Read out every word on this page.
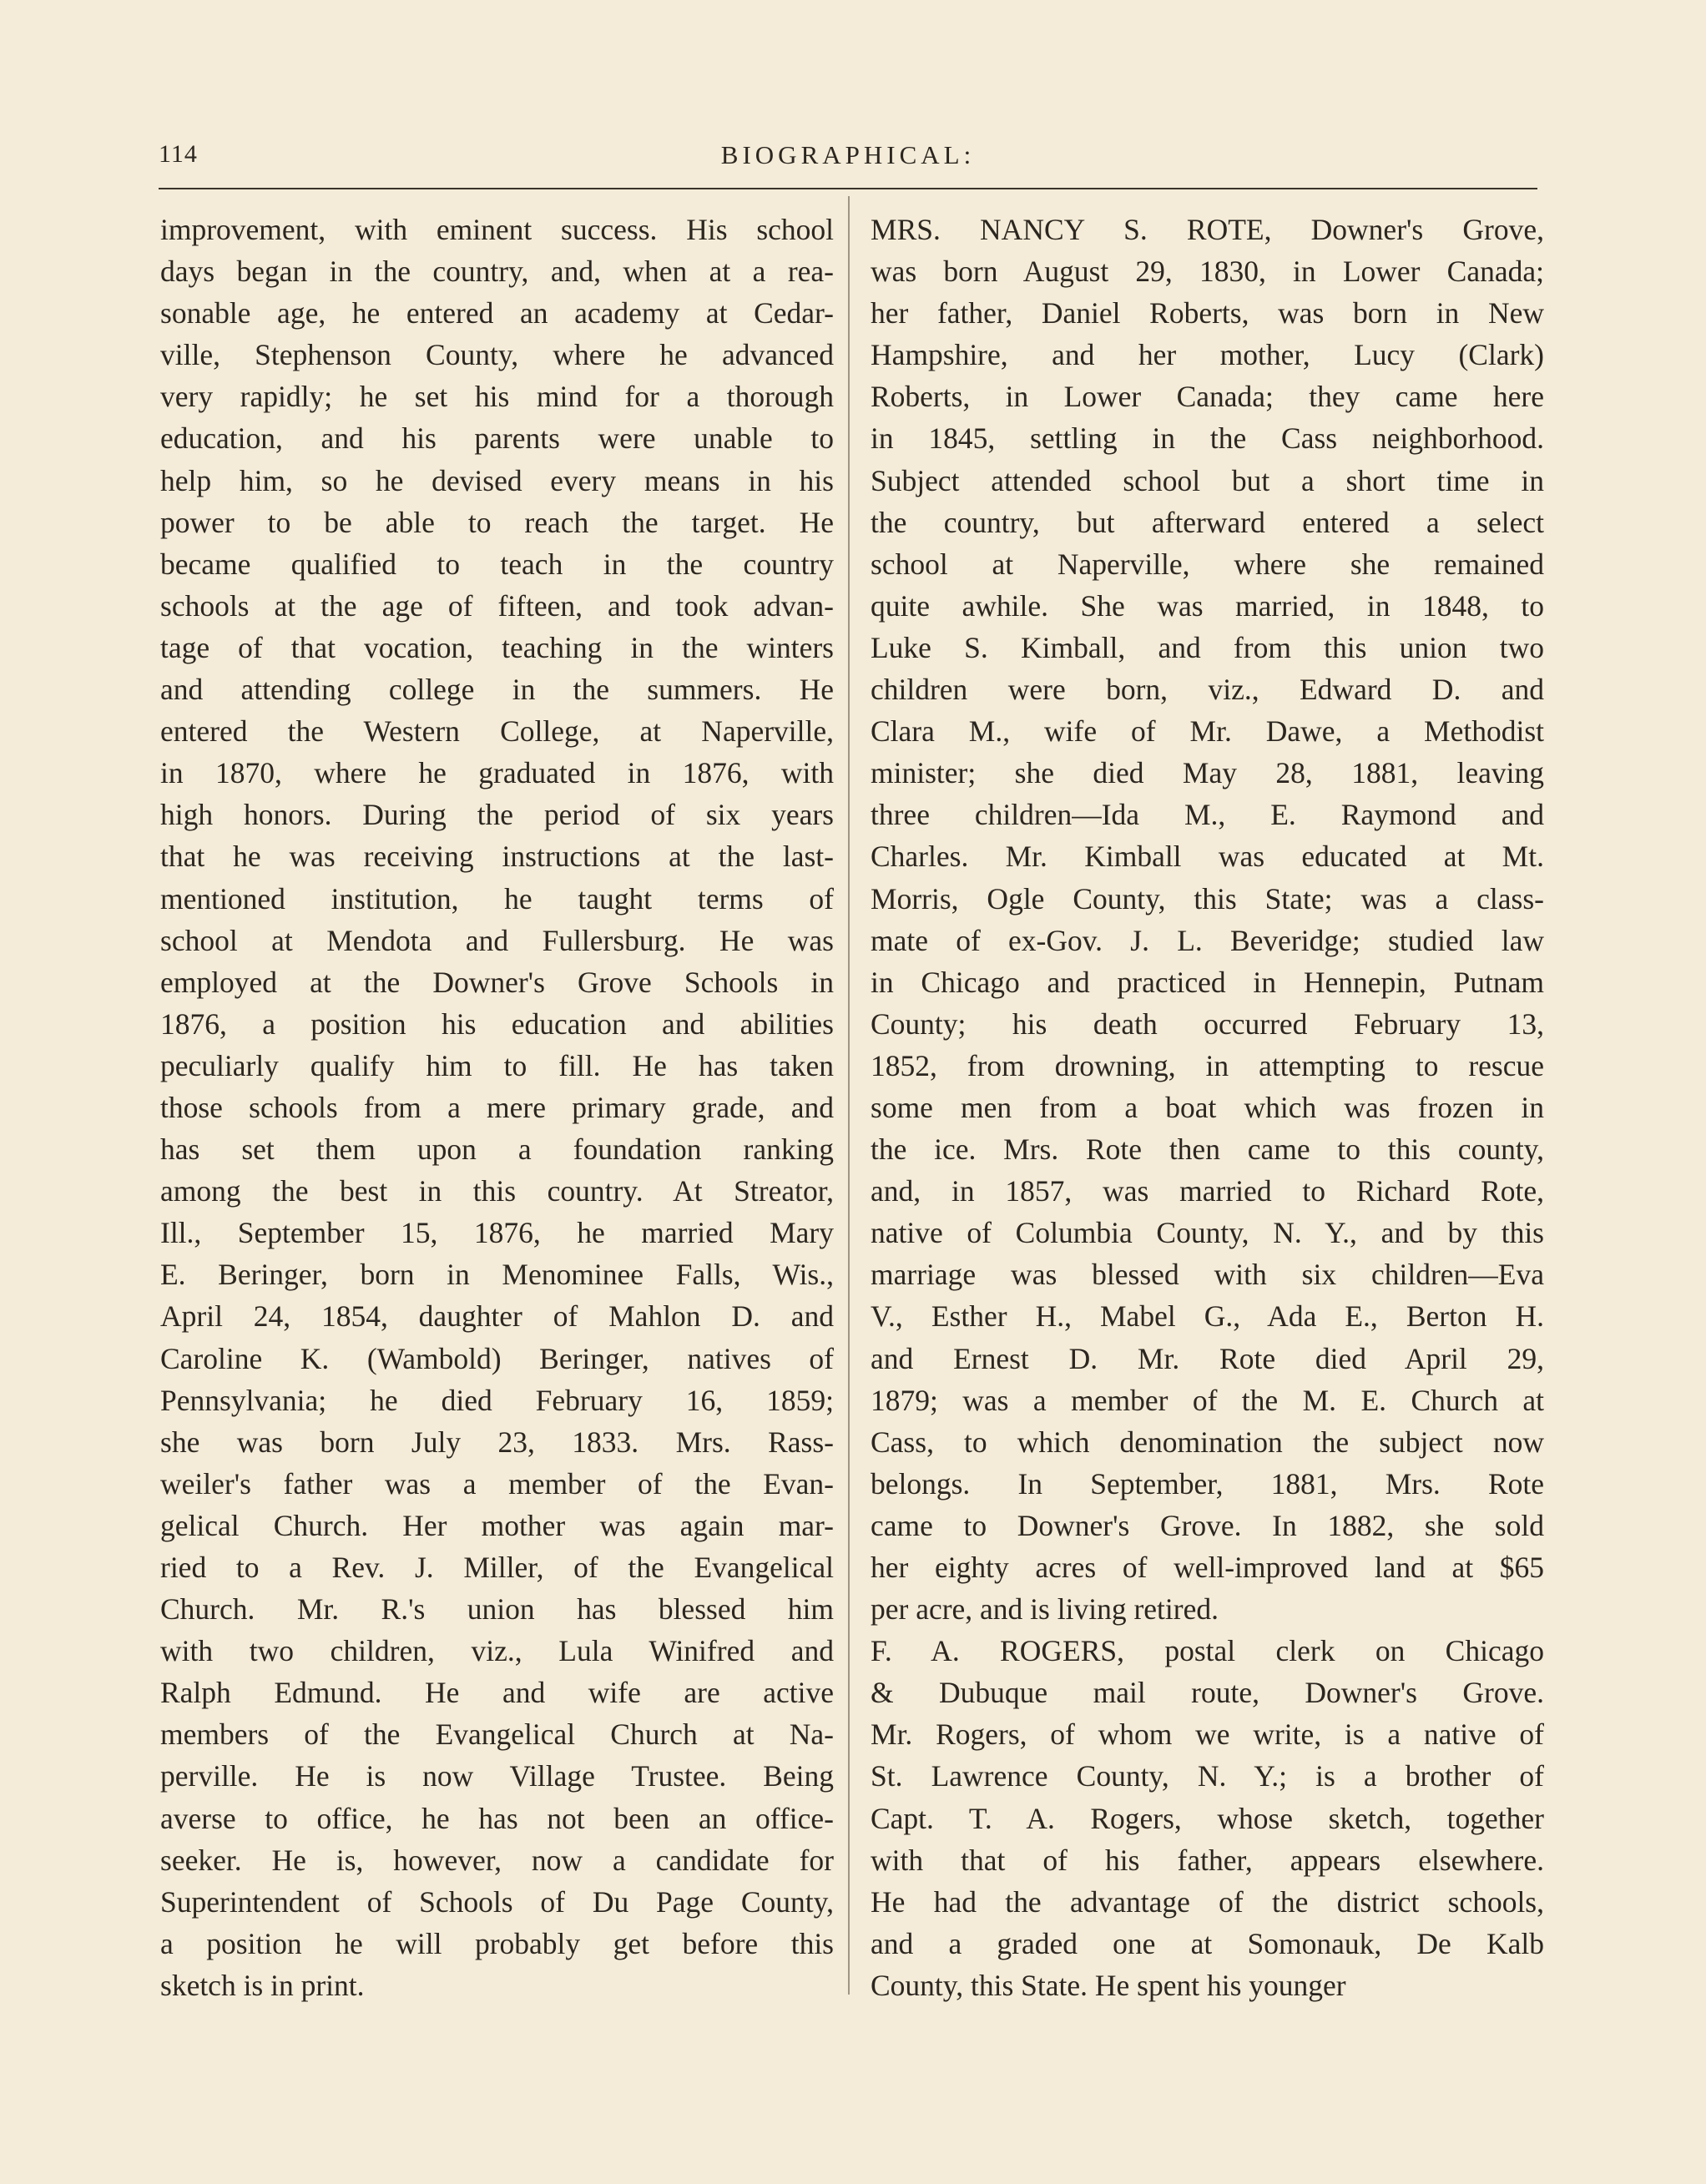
114	BIOGRAPHICAL:
improvement, with eminent success. His school
days began in the country, and, when at a rea-
sonable age, he entered an academy at Cedar-
ville, Stephenson County, where he advanced
very rapidly; he set his mind for a thorough
education, and his parents were unable to
help him, so he devised every means in his
power to be able to reach the target. He
became qualified to teach in the country
schools at the age of fifteen, and took advan-
tage of that vocation, teaching in the winters
and attending college in the summers. He
entered the Western College, at Naperville,
in 1870, where he graduated in 1876, with
high honors. During the period of six years
that he was receiving instructions at the last-
mentioned institution, he taught terms of
school at Mendota and Fullersburg. He was
employed at the Downer's Grove Schools in
1876, a position his education and abilities
peculiarly qualify him to fill. He has taken
those schools from a mere primary grade, and
has set them upon a foundation ranking
among the best in this country. At Streator,
Ill., September 15, 1876, he married Mary
E. Beringer, born in Menominee Falls, Wis.,
April 24, 1854, daughter of Mahlon D. and
Caroline K. (Wambold) Beringer, natives of
Pennsylvania; he died February 16, 1859;
she was born July 23, 1833. Mrs. Rass-
weiler's father was a member of the Evan-
gelical Church. Her mother was again mar-
ried to a Rev. J. Miller, of the Evangelical
Church. Mr. R.'s union has blessed him
with two children, viz., Lula Winifred and
Ralph Edmund. He and wife are active
members of the Evangelical Church at Na-
perville. He is now Village Trustee. Being
averse to office, he has not been an office-
seeker. He is, however, now a candidate for
Superintendent of Schools of Du Page County,
a position he will probably get before this
sketch is in print.
MRS. NANCY S. ROTE, Downer's Grove,
was born August 29, 1830, in Lower Canada;
her father, Daniel Roberts, was born in New
Hampshire, and her mother, Lucy (Clark)
Roberts, in Lower Canada; they came here
in 1845, settling in the Cass neighborhood.
Subject attended school but a short time in
the country, but afterward entered a select
school at Naperville, where she remained
quite awhile. She was married, in 1848, to
Luke S. Kimball, and from this union two
children were born, viz., Edward D. and
Clara M., wife of Mr. Dawe, a Methodist
minister; she died May 28, 1881, leaving
three children—Ida M., E. Raymond and
Charles. Mr. Kimball was educated at Mt.
Morris, Ogle County, this State; was a class-
mate of ex-Gov. J. L. Beveridge; studied law
in Chicago and practiced in Hennepin, Putnam
County; his death occurred February 13,
1852, from drowning, in attempting to rescue
some men from a boat which was frozen in
the ice. Mrs. Rote then came to this county,
and, in 1857, was married to Richard Rote,
native of Columbia County, N. Y., and by this
marriage was blessed with six children—Eva
V., Esther H., Mabel G., Ada E., Berton H.
and Ernest D. Mr. Rote died April 29,
1879; was a member of the M. E. Church at
Cass, to which denomination the subject now
belongs. In September, 1881, Mrs. Rote
came to Downer's Grove. In 1882, she sold
her eighty acres of well-improved land at $65
per acre, and is living retired.
F. A. ROGERS, postal clerk on Chicago
& Dubuque mail route, Downer's Grove.
Mr. Rogers, of whom we write, is a native of
St. Lawrence County, N. Y.; is a brother of
Capt. T. A. Rogers, whose sketch, together
with that of his father, appears elsewhere.
He had the advantage of the district schools,
and a graded one at Somonauk, De Kalb
County, this State. He spent his younger
